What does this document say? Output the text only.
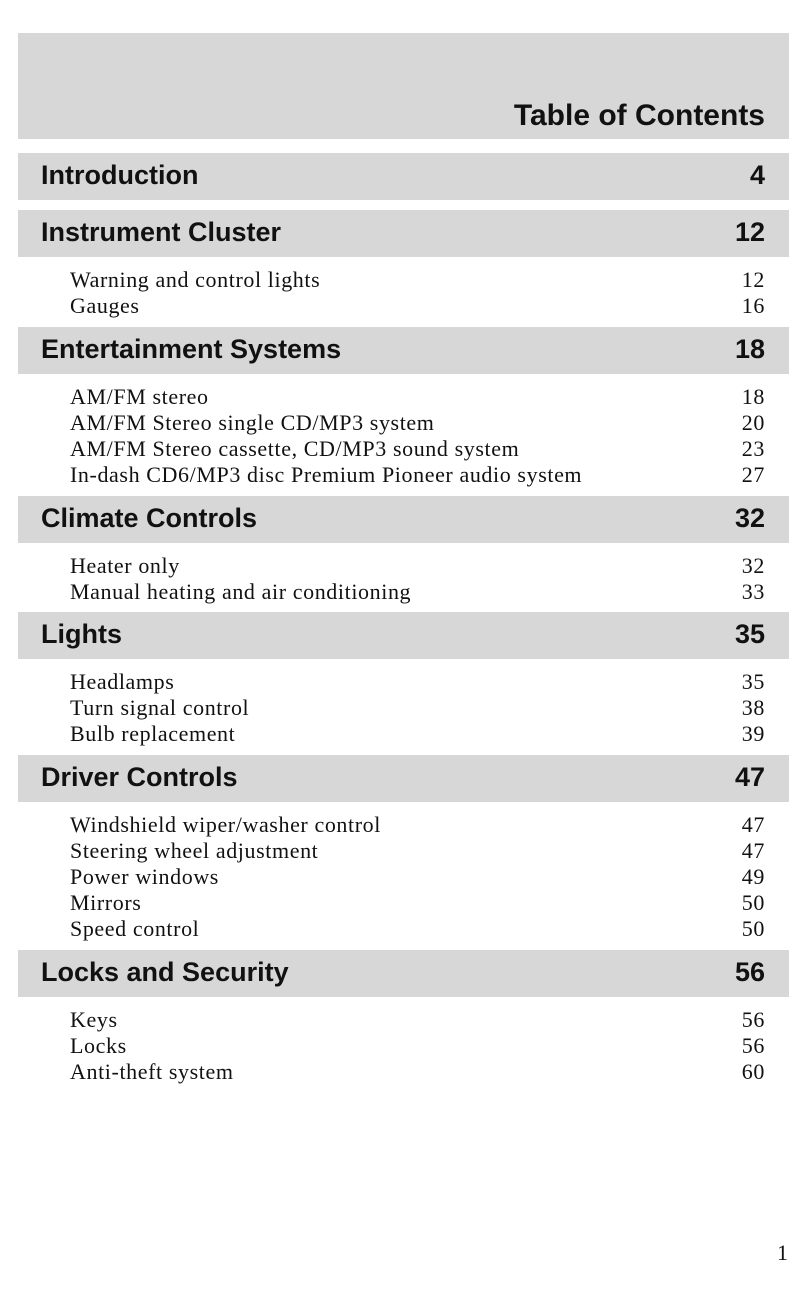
Table of Contents
Introduction	4
Instrument Cluster	12
Warning and control lights	12
Gauges	16
Entertainment Systems	18
AM/FM stereo	18
AM/FM Stereo single CD/MP3 system	20
AM/FM Stereo cassette, CD/MP3 sound system	23
In-dash CD6/MP3 disc Premium Pioneer audio system	27
Climate Controls	32
Heater only	32
Manual heating and air conditioning	33
Lights	35
Headlamps	35
Turn signal control	38
Bulb replacement	39
Driver Controls	47
Windshield wiper/washer control	47
Steering wheel adjustment	47
Power windows	49
Mirrors	50
Speed control	50
Locks and Security	56
Keys	56
Locks	56
Anti-theft system	60
1
